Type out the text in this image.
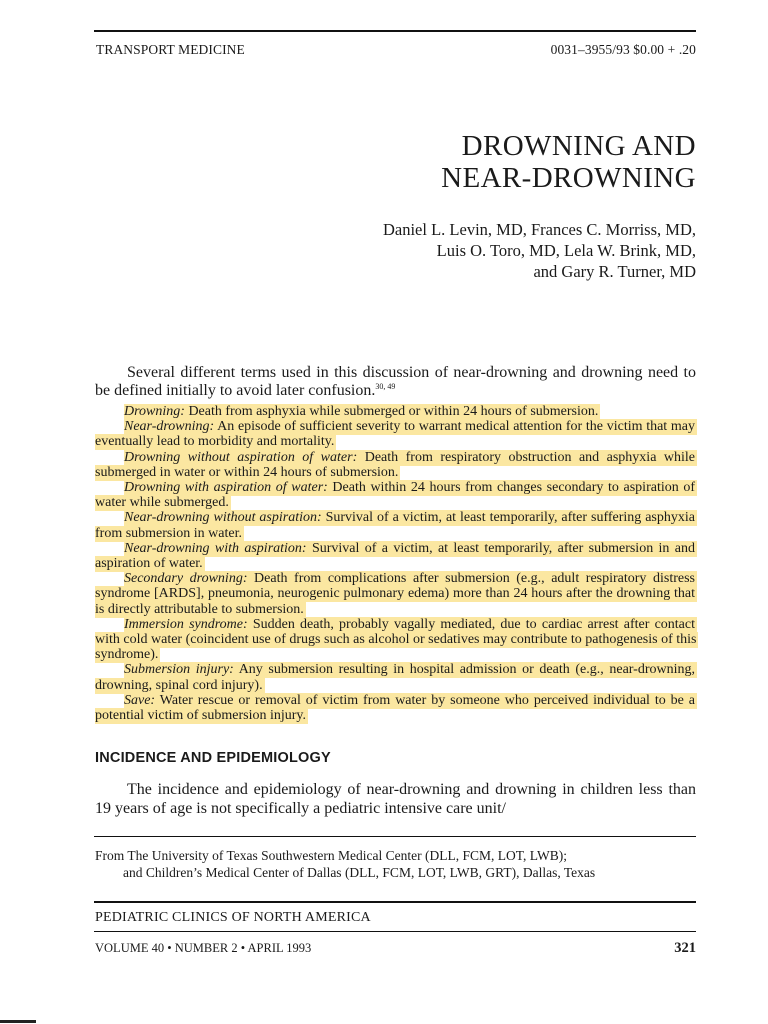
TRANSPORT MEDICINE	0031–3955/93 $0.00 + .20
DROWNING AND
NEAR-DROWNING
Daniel L. Levin, MD, Frances C. Morriss, MD,
Luis O. Toro, MD, Lela W. Brink, MD,
and Gary R. Turner, MD

Several different terms used in this discussion of near-drowning and drowning need to be defined initially to avoid later confusion.$^{30, 49}$

Drowning: Death from asphyxia while submerged or within 24 hours of submersion.

Near-drowning: An episode of sufficient severity to warrant medical attention for the victim that may eventually lead to morbidity and mortality.

Drowning without aspiration of water: Death from respiratory obstruction and asphyxia while submerged in water or within 24 hours of submersion.

Drowning with aspiration of water: Death within 24 hours from changes secondary to aspiration of water while submerged.

Near-drowning without aspiration: Survival of a victim, at least temporarily, after suffering asphyxia from submersion in water.

Near-drowning with aspiration: Survival of a victim, at least temporarily, after submersion in and aspiration of water.

Secondary drowning: Death from complications after submersion (e.g., adult respiratory distress syndrome [ARDS], pneumonia, neurogenic pulmonary edema) more than 24 hours after the drowning that is directly attributable to submersion.

Immersion syndrome: Sudden death, probably vagally mediated, due to cardiac arrest after contact with cold water (coincident use of drugs such as alcohol or sedatives may contribute to pathogenesis of this syndrome).

Submersion injury: Any submersion resulting in hospital admission or death (e.g., near-drowning, drowning, spinal cord injury).

Save: Water rescue or removal of victim from water by someone who perceived individual to be a potential victim of submersion injury.

INCIDENCE AND EPIDEMIOLOGY

The incidence and epidemiology of near-drowning and drowning in children less than 19 years of age is not specifically a pediatric intensive care unit/

From The University of Texas Southwestern Medical Center (DLL, FCM, LOT, LWB);
and Children’s Medical Center of Dallas (DLL, FCM, LOT, LWB, GRT), Dallas, Texas
PEDIATRIC CLINICS OF NORTH AMERICA
VOLUME 40 • NUMBER 2 • APRIL 1993	321
